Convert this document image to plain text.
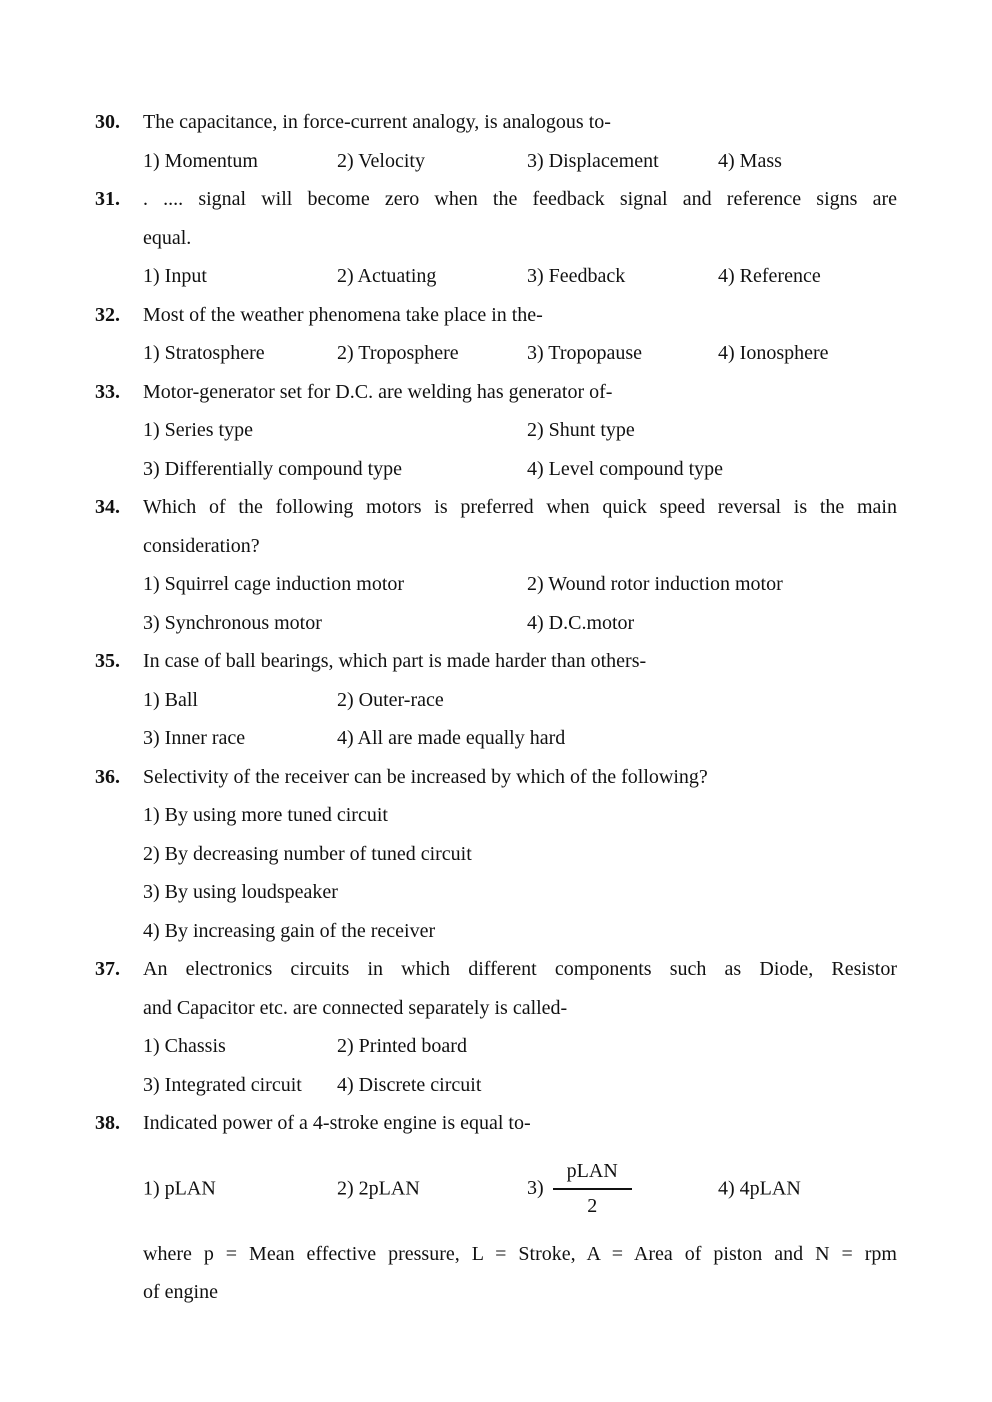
30. The capacitance, in force-current analogy, is analogous to-
1) Momentum	2) Velocity	3) Displacement	4) Mass
31. . .... signal will become zero when the feedback signal and reference signs are
equal.
1) Input	2) Actuating	3) Feedback	4) Reference
32. Most of the weather phenomena take place in the-
1) Stratosphere	2) Troposphere	3) Tropopause	4) Ionosphere
33. Motor-generator set for D.C. are welding has generator of-
1) Series type	2) Shunt type
3) Differentially compound type	4) Level compound type
34. Which of the following motors is preferred when quick speed reversal is the main
consideration?
1) Squirrel cage induction motor	2) Wound rotor induction motor
3) Synchronous motor	4) D.C.motor
35. In case of ball bearings, which part is made harder than others-
1) Ball	2) Outer-race
3) Inner race	4) All are made equally hard
36. Selectivity of the receiver can be increased by which of the following?
1) By using more tuned circuit
2) By decreasing number of tuned circuit
3) By using loudspeaker
4) By increasing gain of the receiver
37. An electronics circuits in which different components such as Diode, Resistor
and Capacitor etc. are connected separately is called-
1) Chassis	2) Printed board
3) Integrated circuit 4) Discrete circuit
38. Indicated power of a 4-stroke engine is equal to-
1) pLAN	2) 2pLAN	$3) \frac{\text{pLAN}}{2}$	4) 4pLAN
where p = Mean effective pressure, L = Stroke, A = Area of piston and N = rpm
of engine
